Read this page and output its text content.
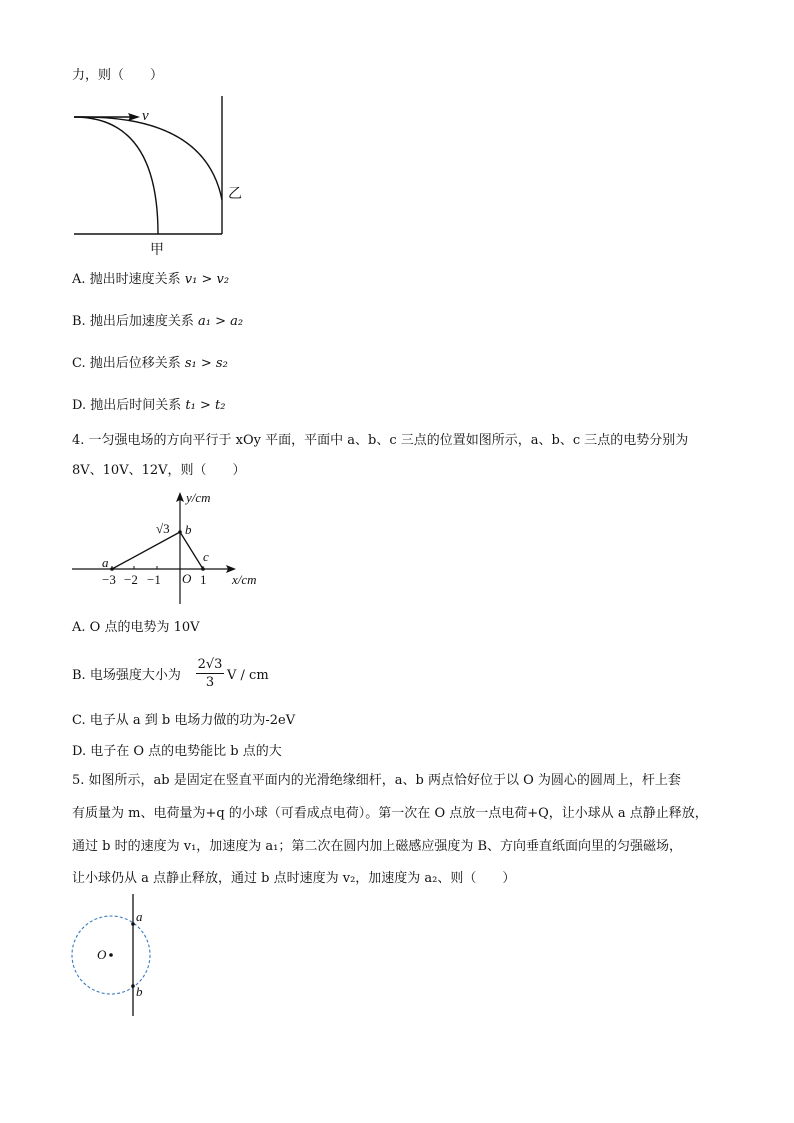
力，则（　　）
v
甲
乙
A. 抛出时速度关系 v₁ > v₂
B. 抛出后加速度关系 a₁ > a₂
C. 抛出后位移关系 s₁ > s₂
D. 抛出后时间关系 t₁ > t₂
4. 一匀强电场的方向平行于 xOy 平面，平面中 a、b、c 三点的位置如图所示，a、b、c 三点的电势分别为
8V、10V、12V，则（　　）
x/cm
y/cm
a
b
c
√3
O
−3 −2 −1	1
A. O 点的电势为 10V
B. 电场强度大小为 $\frac{2√3}{3}$ V / cm
C. 电子从 a 到 b 电场力做的功为-2eV
D. 电子在 O 点的电势能比 b 点的大
5. 如图所示，ab 是固定在竖直平面内的光滑绝缘细杆，a、b 两点恰好位于以 O 为圆心的圆周上，杆上套
有质量为 m、电荷量为+q 的小球（可看成点电荷）。第一次在 O 点放一点电荷+Q，让小球从 a 点静止释放，
通过 b 时的速度为 v₁，加速度为 a₁；第二次在圆内加上磁感应强度为 B、方向垂直纸面向里的匀强磁场，
让小球仍从 a 点静止释放，通过 b 点时速度为 v₂，加速度为 a₂、则（　　）
O
a
b
